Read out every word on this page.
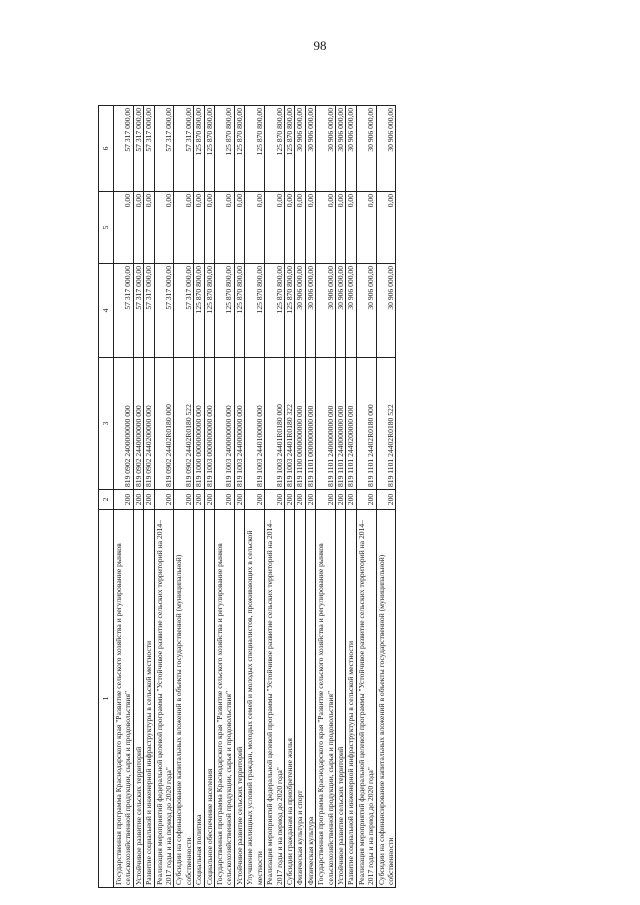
98
1	2	3	4	5	6
Государственная программа Краснодарского края "Развитие сельского хозяйства и регулирование рынков сельскохозяйственной продукции, сырья и продовольствия"	200	819 0902 2400000000 000	57 317 000,00	0,00	57 317 000,00
Устойчивое развитие сельских территорий	200	819 0902 2440000000 000	57 317 000,00	0,00	57 317 000,00
Развитие социальной и инженерной инфраструктуры в сельской местности	200	819 0902 2440200000 000	57 317 000,00	0,00	57 317 000,00
Реализация мероприятий федеральной целевой программы "Устойчивое развитие сельских территорий на 2014–2017 годы и на период до 2020 года"	200	819 0902 24402R0180 000	57 317 000,00	0,00	57 317 000,00
Субсидии на софинансирование капитальных вложений в объекты государственной (муниципальной) собственности	200	819 0902 24402R0180 522	57 317 000,00	0,00	57 317 000,00
Социальная политика	200	819 1000 0000000000 000	125 870 800,00	0,00	125 870 800,00
Социальное обеспечение населения	200	819 1003 0000000000 000	125 870 800,00	0,00	125 870 800,00
Государственная программа Краснодарского края "Развитие сельского хозяйства и регулирование рынков сельскохозяйственной продукции, сырья и продовольствия"	200	819 1003 2400000000 000	125 870 800,00	0,00	125 870 800,00
Устойчивое развитие сельских территорий	200	819 1003 2440000000 000	125 870 800,00	0,00	125 870 800,00
Улучшение жилищных условий граждан, молодых семей и молодых специалистов, проживающих в сельской местности	200	819 1003 2440100000 000	125 870 800,00	0,00	125 870 800,00
Реализация мероприятий федеральной целевой программы "Устойчивое развитие сельских территорий на 2014–2017 годы и на период до 2020 года"	200	819 1003 24401R0180 000	125 870 800,00	0,00	125 870 800,00
Субсидии гражданам на приобретение жилья	200	819 1003 24401R0180 322	125 870 800,00	0,00	125 870 800,00
Физическая культура и спорт	200	819 1100 0000000000 000	30 906 000,00	0,00	30 906 000,00
Физическая культура	200	819 1101 0000000000 000	30 906 000,00	0,00	30 906 000,00
Государственная программа Краснодарского края "Развитие сельского хозяйства и регулирование рынков сельскохозяйственной продукции, сырья и продовольствия"	200	819 1101 2400000000 000	30 906 000,00	0,00	30 906 000,00
Устойчивое развитие сельских территорий	200	819 1101 2440000000 000	30 906 000,00	0,00	30 906 000,00
Развитие социальной и инженерной инфраструктуры в сельской местности	200	819 1101 2440200000 000	30 906 000,00	0,00	30 906 000,00
Реализация мероприятий федеральной целевой программы "Устойчивое развитие сельских территорий на 2014–2017 годы и на период до 2020 года"	200	819 1101 24402R0180 000	30 906 000,00	0,00	30 906 000,00
Субсидии на софинансирование капитальных вложений в объекты государственной (муниципальной) собственности	200	819 1101 24402R0180 522	30 906 000,00	0,00	30 906 000,00
